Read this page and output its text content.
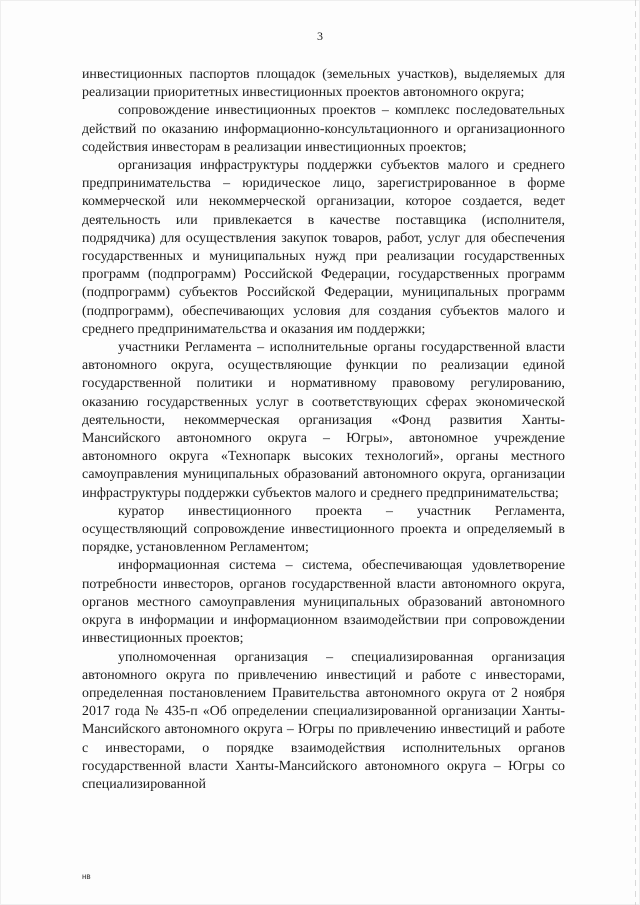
3

инвестиционных паспортов площадок (земельных участков), выделяемых для реализации приоритетных инвестиционных проектов автономного округа;

сопровождение инвестиционных проектов – комплекс последовательных действий по оказанию информационно-консультационного и организационного содействия инвесторам в реализации инвестиционных проектов;

организация инфраструктуры поддержки субъектов малого и среднего предпринимательства – юридическое лицо, зарегистрированное в форме коммерческой или некоммерческой организации, которое создается, ведет деятельность или привлекается в качестве поставщика (исполнителя, подрядчика) для осуществления закупок товаров, работ, услуг для обеспечения государственных и муниципальных нужд при реализации государственных программ (подпрограмм) Российской Федерации, государственных программ (подпрограмм) субъектов Российской Федерации, муниципальных программ (подпрограмм), обеспечивающих условия для создания субъектов малого и среднего предпринимательства и оказания им поддержки;

участники Регламента – исполнительные органы государственной власти автономного округа, осуществляющие функции по реализации единой государственной политики и нормативному правовому регулированию, оказанию государственных услуг в соответствующих сферах экономической деятельности, некоммерческая организация «Фонд развития Ханты-Мансийского автономного округа – Югры», автономное учреждение автономного округа «Технопарк высоких технологий», органы местного самоуправления муниципальных образований автономного округа, организации инфраструктуры поддержки субъектов малого и среднего предпринимательства;

куратор инвестиционного проекта – участник Регламента, осуществляющий сопровождение инвестиционного проекта и определяемый в порядке, установленном Регламентом;

информационная система – система, обеспечивающая удовлетворение потребности инвесторов, органов государственной власти автономного округа, органов местного самоуправления муниципальных образований автономного округа в информации и информационном взаимодействии при сопровождении инвестиционных проектов;

уполномоченная организация – специализированная организация автономного округа по привлечению инвестиций и работе с инвесторами, определенная постановлением Правительства автономного округа от 2 ноября 2017 года № 435-п «Об определении специализированной организации Ханты-Мансийского автономного округа – Югры по привлечению инвестиций и работе с инвесторами, о порядке взаимодействия исполнительных органов государственной власти Ханты-Мансийского автономного округа – Югры со специализированной

нв
